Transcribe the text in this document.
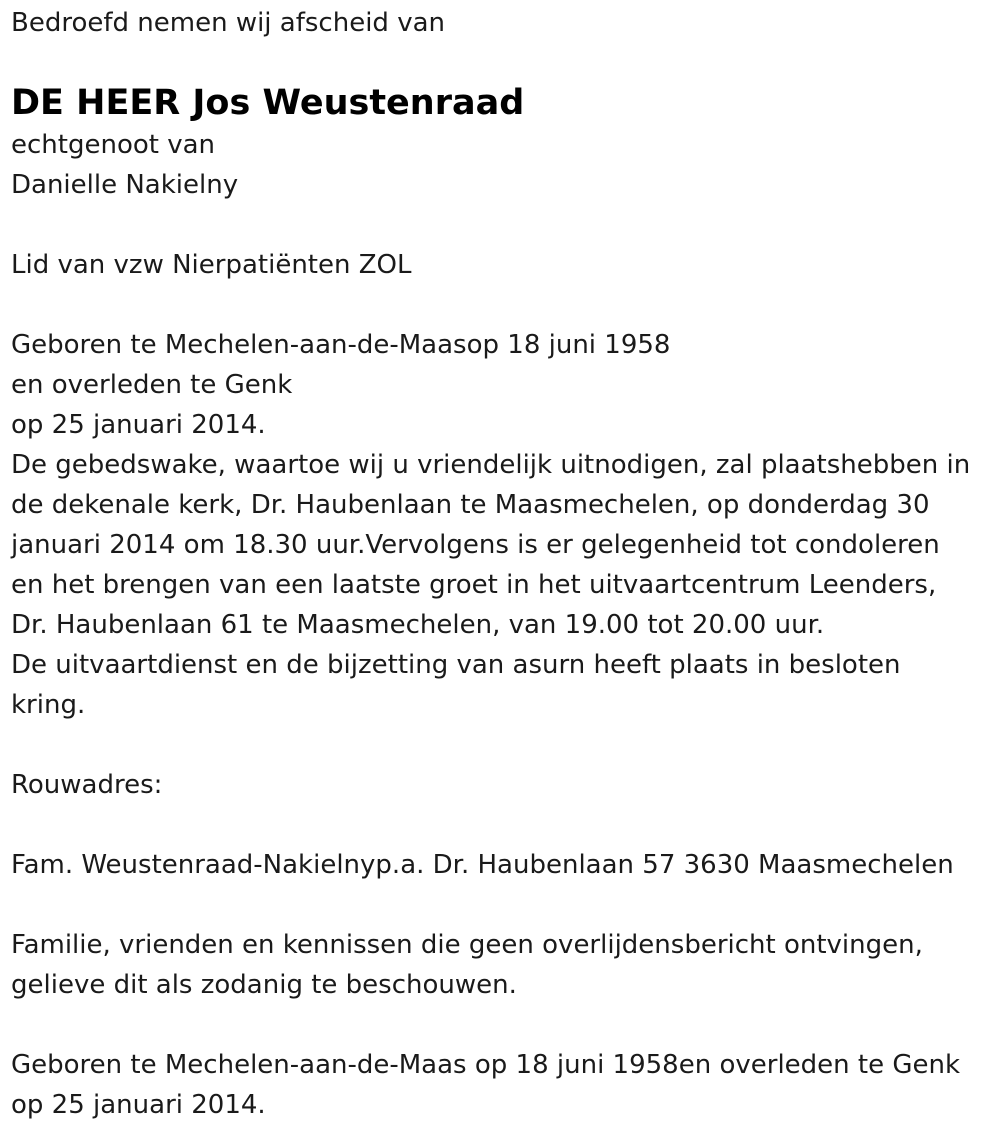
Bedroefd nemen wij afscheid van

DE HEER Jos Weustenraad

echtgenoot van

Danielle Nakielny

Lid van vzw Nierpatiënten ZOL

Geboren te Mechelen-aan-de-Maasop 18 juni 1958

en overleden te Genk

op 25 januari 2014.

De gebedswake, waartoe wij u vriendelijk uitnodigen, zal plaatshebben in

de dekenale kerk, Dr. Haubenlaan te Maasmechelen, op donderdag 30

januari 2014 om 18.30 uur.Vervolgens is er gelegenheid tot condoleren

en het brengen van een laatste groet in het uitvaartcentrum Leenders,

Dr. Haubenlaan 61 te Maasmechelen, van 19.00 tot 20.00 uur.

De uitvaartdienst en de bijzetting van asurn heeft plaats in besloten

kring.

Rouwadres:

Fam. Weustenraad-Nakielnyp.a. Dr. Haubenlaan 57 3630 Maasmechelen

Familie, vrienden en kennissen die geen overlijdensbericht ontvingen,

gelieve dit als zodanig te beschouwen.

Geboren te Mechelen-aan-de-Maas op 18 juni 1958en overleden te Genk

op 25 januari 2014.
